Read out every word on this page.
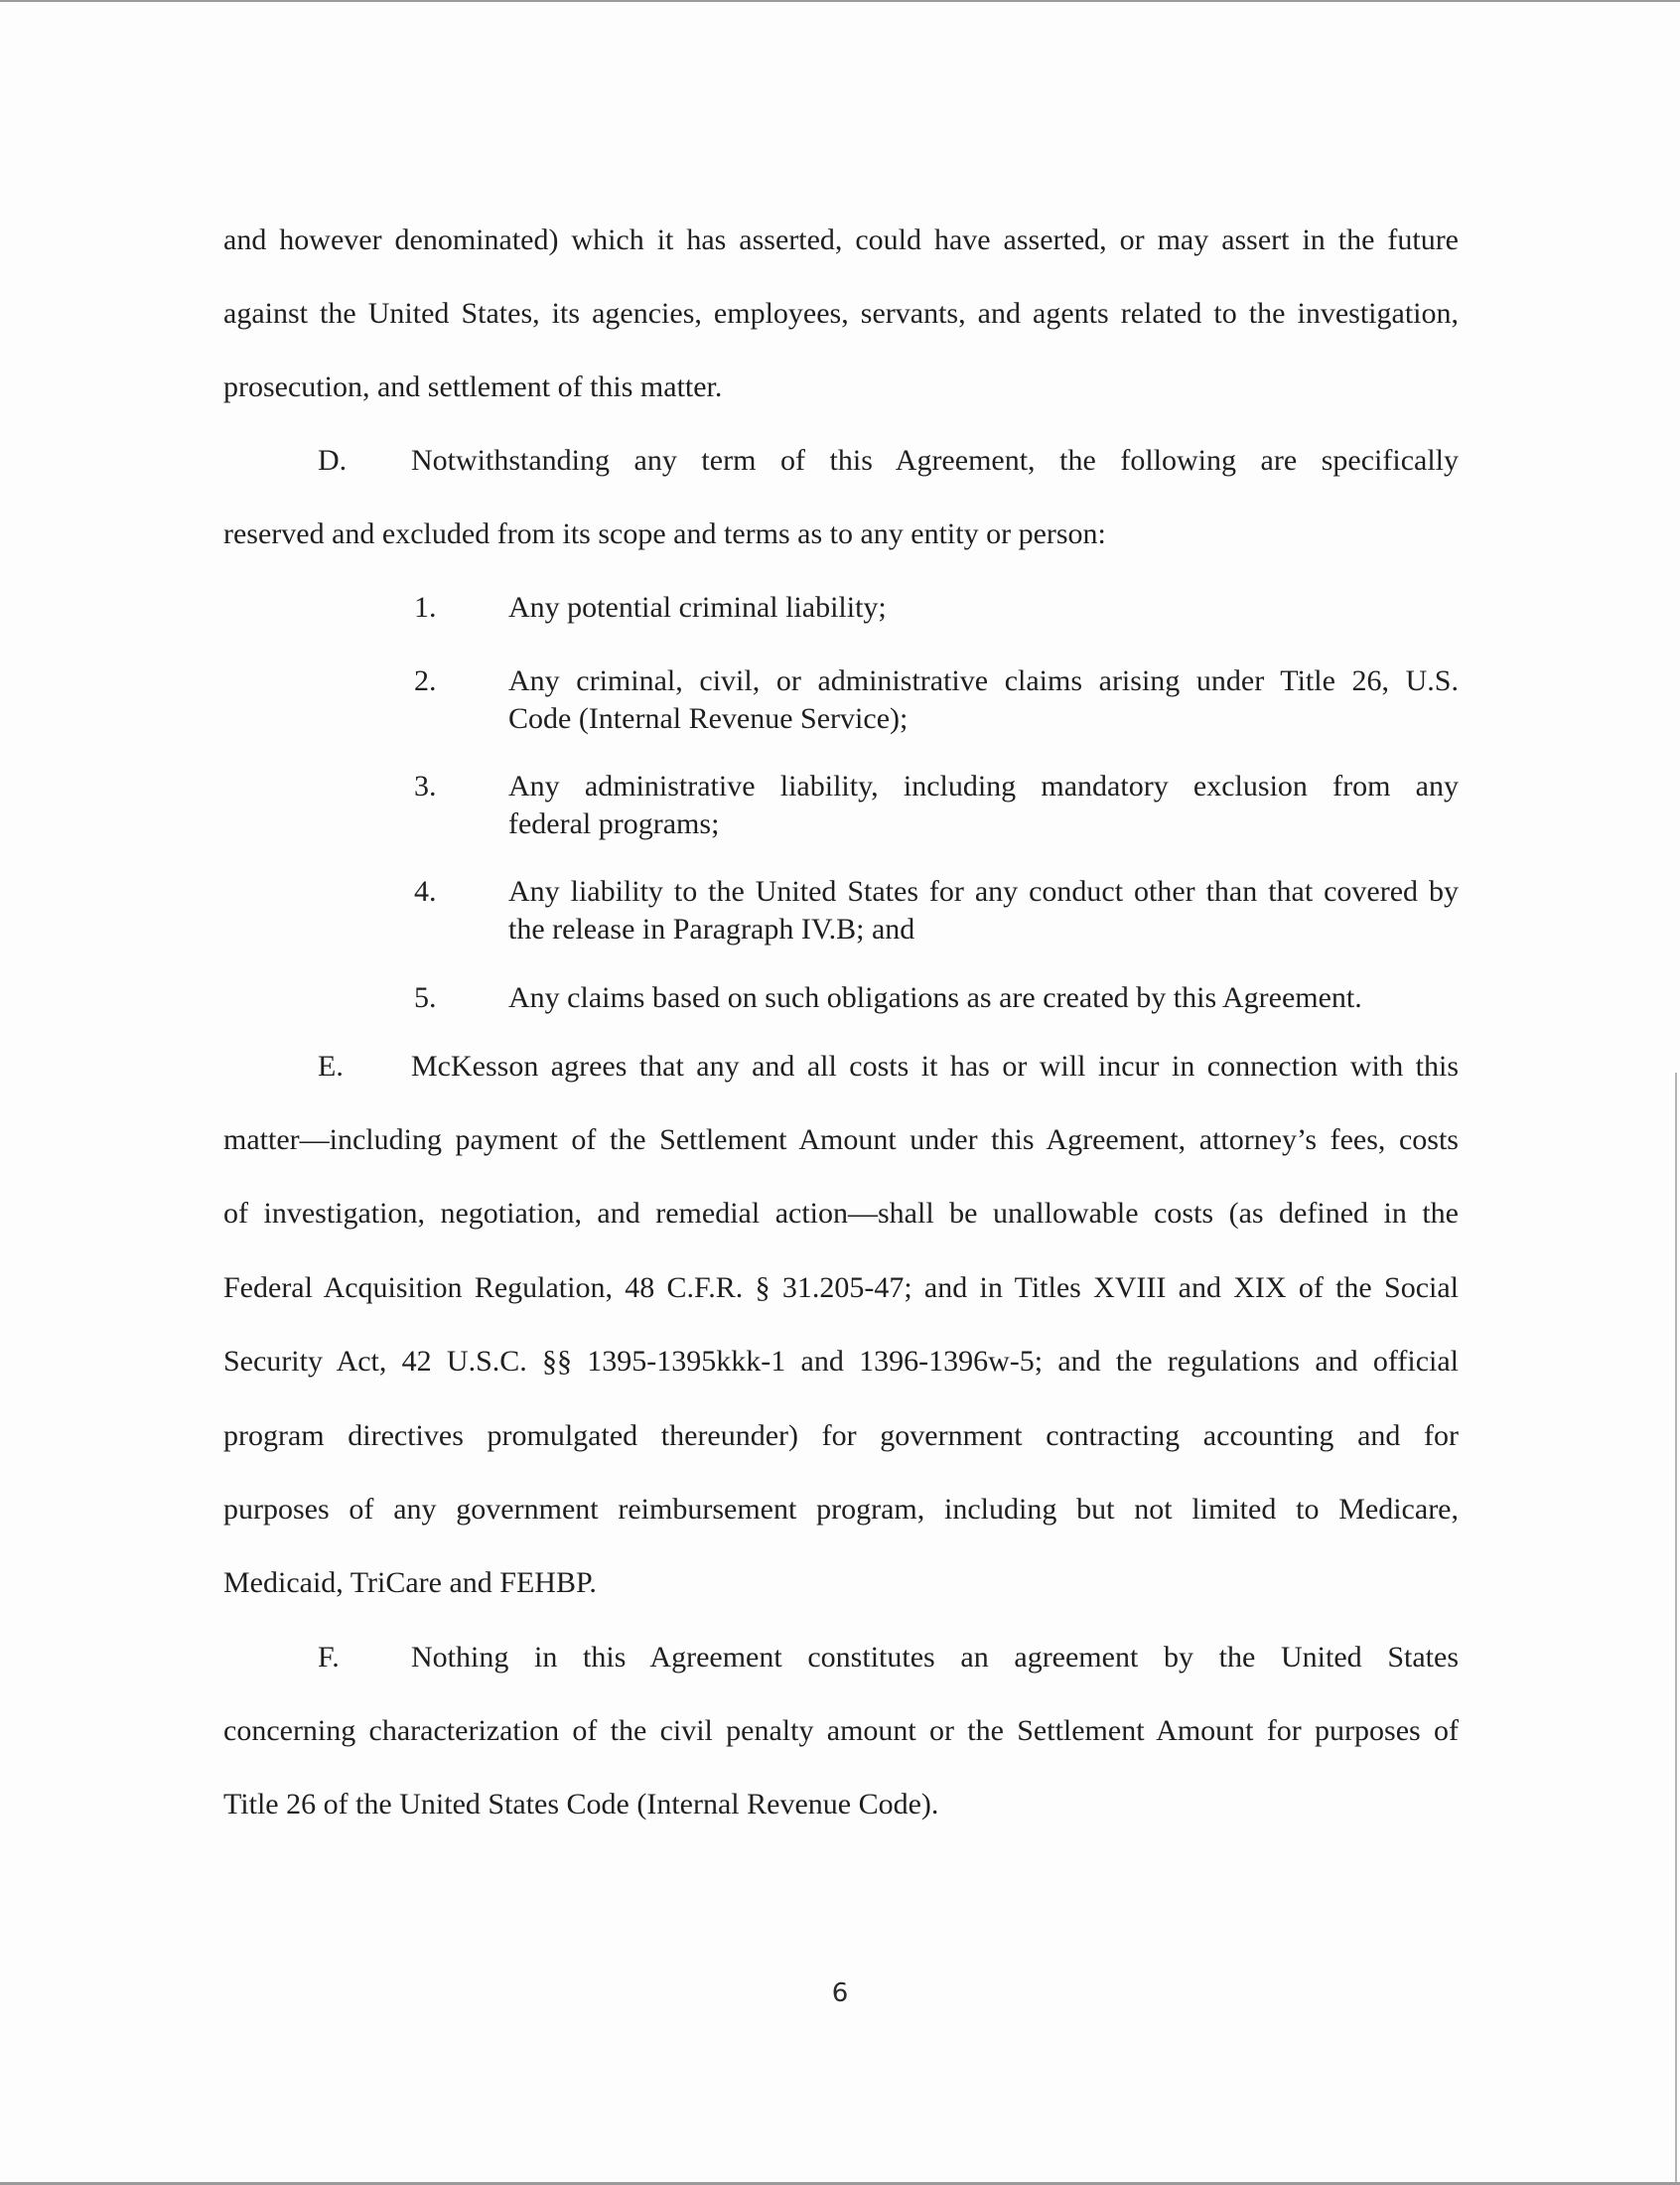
and however denominated) which it has asserted, could have asserted, or may assert in the future
against the United States, its agencies, employees, servants, and agents related to the investigation,
prosecution, and settlement of this matter.
D. Notwithstanding any term of this Agreement, the following are specifically
reserved and excluded from its scope and terms as to any entity or person:
1. Any potential criminal liability;
2. Any criminal, civil, or administrative claims arising under Title 26, U.S.
Code (Internal Revenue Service);
3. Any administrative liability, including mandatory exclusion from any
federal programs;
4. Any liability to the United States for any conduct other than that covered by
the release in Paragraph IV.B; and
5. Any claims based on such obligations as are created by this Agreement.
E. McKesson agrees that any and all costs it has or will incur in connection with this
matter—including payment of the Settlement Amount under this Agreement, attorney’s fees, costs
of investigation, negotiation, and remedial action—shall be unallowable costs (as defined in the
Federal Acquisition Regulation, 48 C.F.R. § 31.205-47; and in Titles XVIII and XIX of the Social
Security Act, 42 U.S.C. §§ 1395-1395kkk-1 and 1396-1396w-5; and the regulations and official
program directives promulgated thereunder) for government contracting accounting and for
purposes of any government reimbursement program, including but not limited to Medicare,
Medicaid, TriCare and FEHBP.
F. Nothing in this Agreement constitutes an agreement by the United States
concerning characterization of the civil penalty amount or the Settlement Amount for purposes of
Title 26 of the United States Code (Internal Revenue Code).
6
